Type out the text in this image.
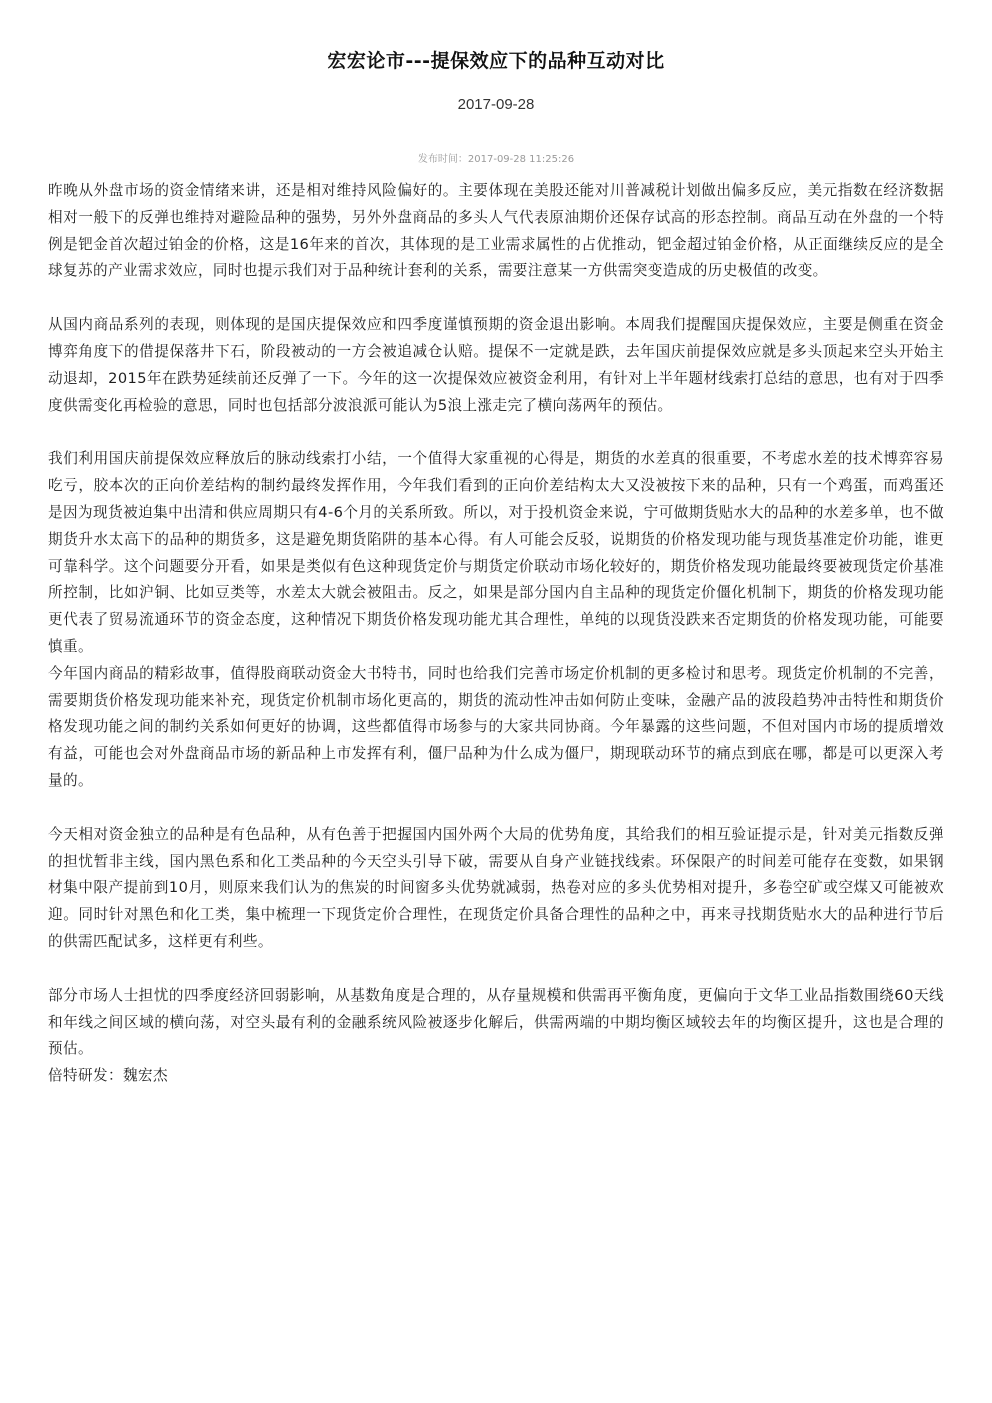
宏宏论市---提保效应下的品种互动对比
2017-09-28
发布时间：2017-09-28 11:25:26

昨晚从外盘市场的资金情绪来讲，还是相对维持风险偏好的。主要体现在美股还能对川普减税计划做出偏多反应，美元指数在经济数据相对一般下的反弹也维持对避险品种的强势，另外外盘商品的多头人气代表原油期价还保存试高的形态控制。商品互动在外盘的一个特例是钯金首次超过铂金的价格，这是16年来的首次，其体现的是工业需求属性的占优推动，钯金超过铂金价格，从正面继续反应的是全球复苏的产业需求效应，同时也提示我们对于品种统计套利的关系，需要注意某一方供需突变造成的历史极值的改变。

从国内商品系列的表现，则体现的是国庆提保效应和四季度谨慎预期的资金退出影响。本周我们提醒国庆提保效应，主要是侧重在资金博弈角度下的借提保落井下石，阶段被动的一方会被追减仓认赔。提保不一定就是跌，去年国庆前提保效应就是多头顶起来空头开始主动退却，2015年在跌势延续前还反弹了一下。今年的这一次提保效应被资金利用，有针对上半年题材线索打总结的意思，也有对于四季度供需变化再检验的意思，同时也包括部分波浪派可能认为5浪上涨走完了横向荡两年的预估。

我们利用国庆前提保效应释放后的脉动线索打小结，一个值得大家重视的心得是，期货的水差真的很重要，不考虑水差的技术博弈容易吃亏，胶本次的正向价差结构的制约最终发挥作用，今年我们看到的正向价差结构太大又没被按下来的品种，只有一个鸡蛋，而鸡蛋还是因为现货被迫集中出清和供应周期只有4-6个月的关系所致。所以，对于投机资金来说，宁可做期货贴水大的品种的水差多单，也不做期货升水太高下的品种的期货多，这是避免期货陷阱的基本心得。有人可能会反驳，说期货的价格发现功能与现货基准定价功能，谁更可靠科学。这个问题要分开看，如果是类似有色这种现货定价与期货定价联动市场化较好的，期货价格发现功能最终要被现货定价基准所控制，比如沪铜、比如豆类等，水差太大就会被阻击。反之，如果是部分国内自主品种的现货定价僵化机制下，期货的价格发现功能更代表了贸易流通环节的资金态度，这种情况下期货价格发现功能尤其合理性，单纯的以现货没跌来否定期货的价格发现功能，可能要慎重。

今年国内商品的精彩故事，值得股商联动资金大书特书，同时也给我们完善市场定价机制的更多检讨和思考。现货定价机制的不完善，需要期货价格发现功能来补充，现货定价机制市场化更高的，期货的流动性冲击如何防止变味，金融产品的波段趋势冲击特性和期货价格发现功能之间的制约关系如何更好的协调，这些都值得市场参与的大家共同协商。今年暴露的这些问题，不但对国内市场的提质增效有益，可能也会对外盘商品市场的新品种上市发挥有利，僵尸品种为什么成为僵尸，期现联动环节的痛点到底在哪，都是可以更深入考量的。

今天相对资金独立的品种是有色品种，从有色善于把握国内国外两个大局的优势角度，其给我们的相互验证提示是，针对美元指数反弹的担忧暂非主线，国内黑色系和化工类品种的今天空头引导下破，需要从自身产业链找线索。环保限产的时间差可能存在变数，如果钢材集中限产提前到10月，则原来我们认为的焦炭的时间窗多头优势就减弱，热卷对应的多头优势相对提升，多卷空矿或空煤又可能被欢迎。同时针对黑色和化工类，集中梳理一下现货定价合理性，在现货定价具备合理性的品种之中，再来寻找期货贴水大的品种进行节后的供需匹配试多，这样更有利些。

部分市场人士担忧的四季度经济回弱影响，从基数角度是合理的，从存量规模和供需再平衡角度，更偏向于文华工业品指数围绕60天线和年线之间区域的横向荡，对空头最有利的金融系统风险被逐步化解后，供需两端的中期均衡区域较去年的均衡区提升，这也是合理的预估。

倍特研发：魏宏杰
